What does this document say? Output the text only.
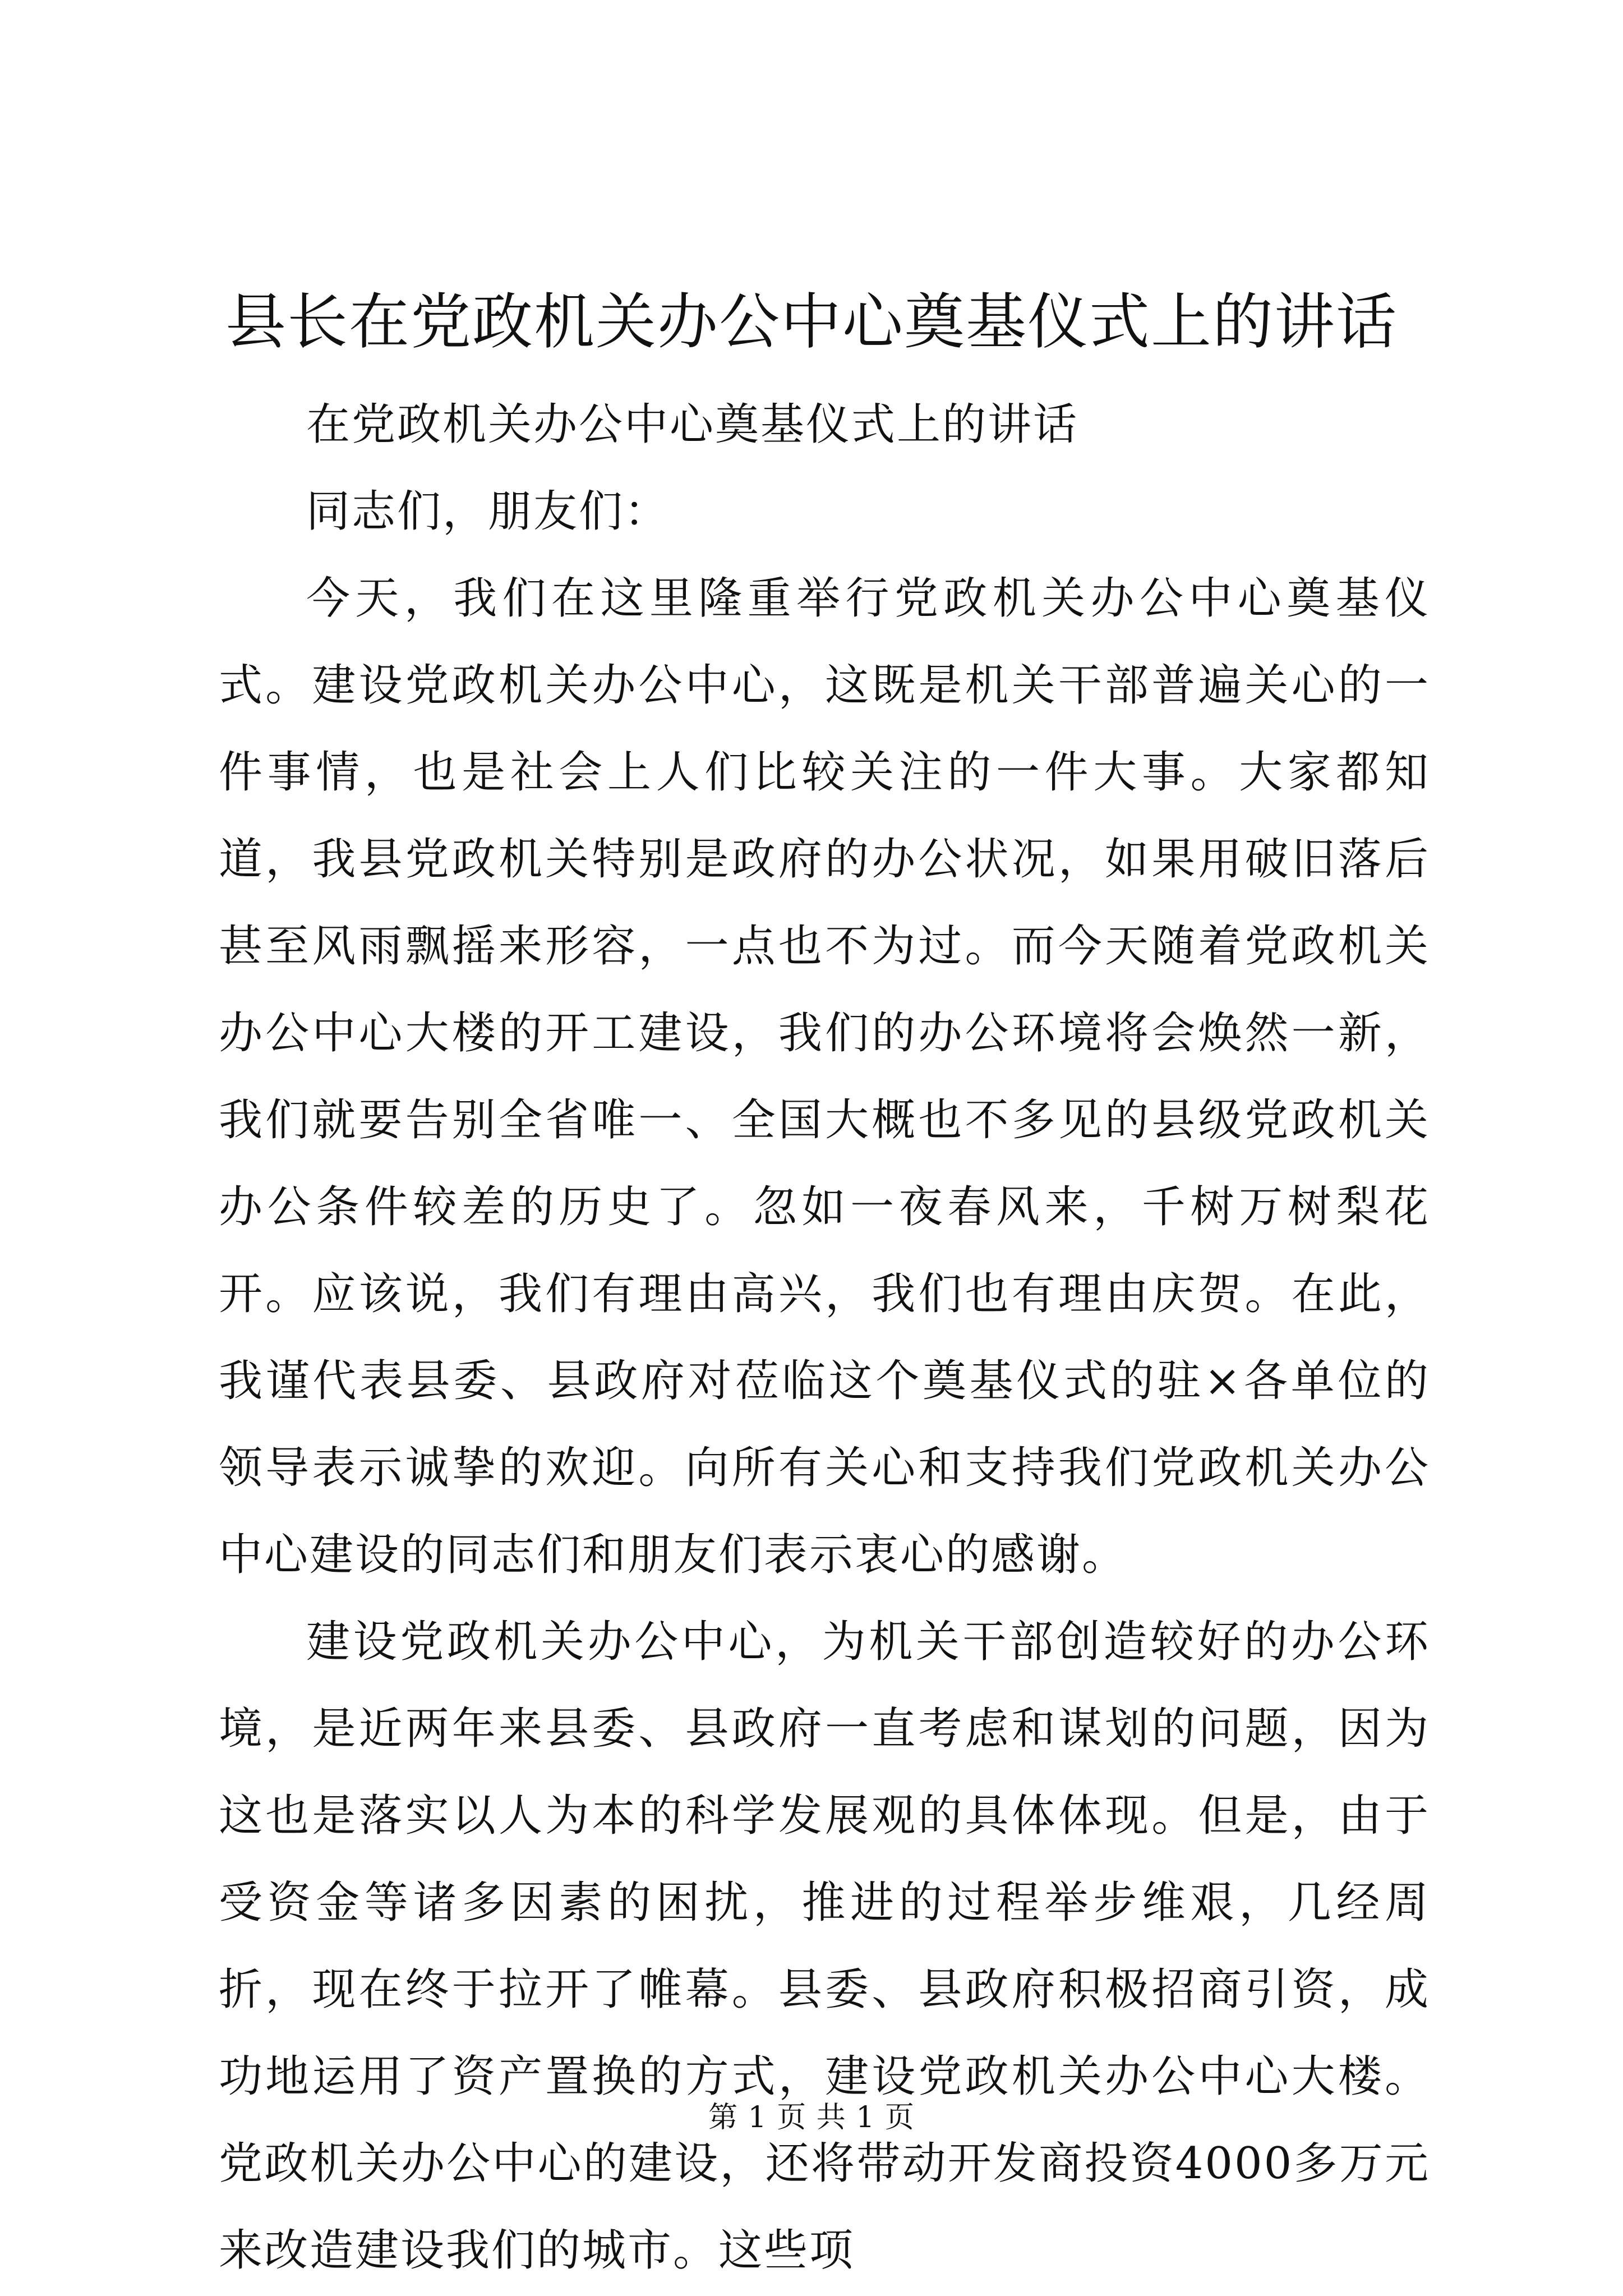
县长在党政机关办公中心奠基仪式上的讲话

在党政机关办公中心奠基仪式上的讲话

同志们，朋友们：

今天，我们在这里隆重举行党政机关办公中心奠基仪式。建设党政机关办公中心，这既是机关干部普遍关心的一件事情，也是社会上人们比较关注的一件大事。大家都知道，我县党政机关特别是政府的办公状况，如果用破旧落后甚至风雨飘摇来形容，一点也不为过。而今天随着党政机关办公中心大楼的开工建设，我们的办公环境将会焕然一新，我们就要告别全省唯一、全国大概也不多见的县级党政机关办公条件较差的历史了。忽如一夜春风来，千树万树梨花开。应该说，我们有理由高兴，我们也有理由庆贺。在此，我谨代表县委、县政府对莅临这个奠基仪式的驻×各单位的领导表示诚挚的欢迎。向所有关心和支持我们党政机关办公中心建设的同志们和朋友们表示衷心的感谢。

建设党政机关办公中心，为机关干部创造较好的办公环境，是近两年来县委、县政府一直考虑和谋划的问题，因为这也是落实以人为本的科学发展观的具体体现。但是，由于受资金等诸多因素的困扰，推进的过程举步维艰，几经周折，现在终于拉开了帷幕。县委、县政府积极招商引资，成功地运用了资产置换的方式，建设党政机关办公中心大楼。党政机关办公中心的建设，还将带动开发商投资4000多万元来改造建设我们的城市。这些项

第 1 页 共 1 页
